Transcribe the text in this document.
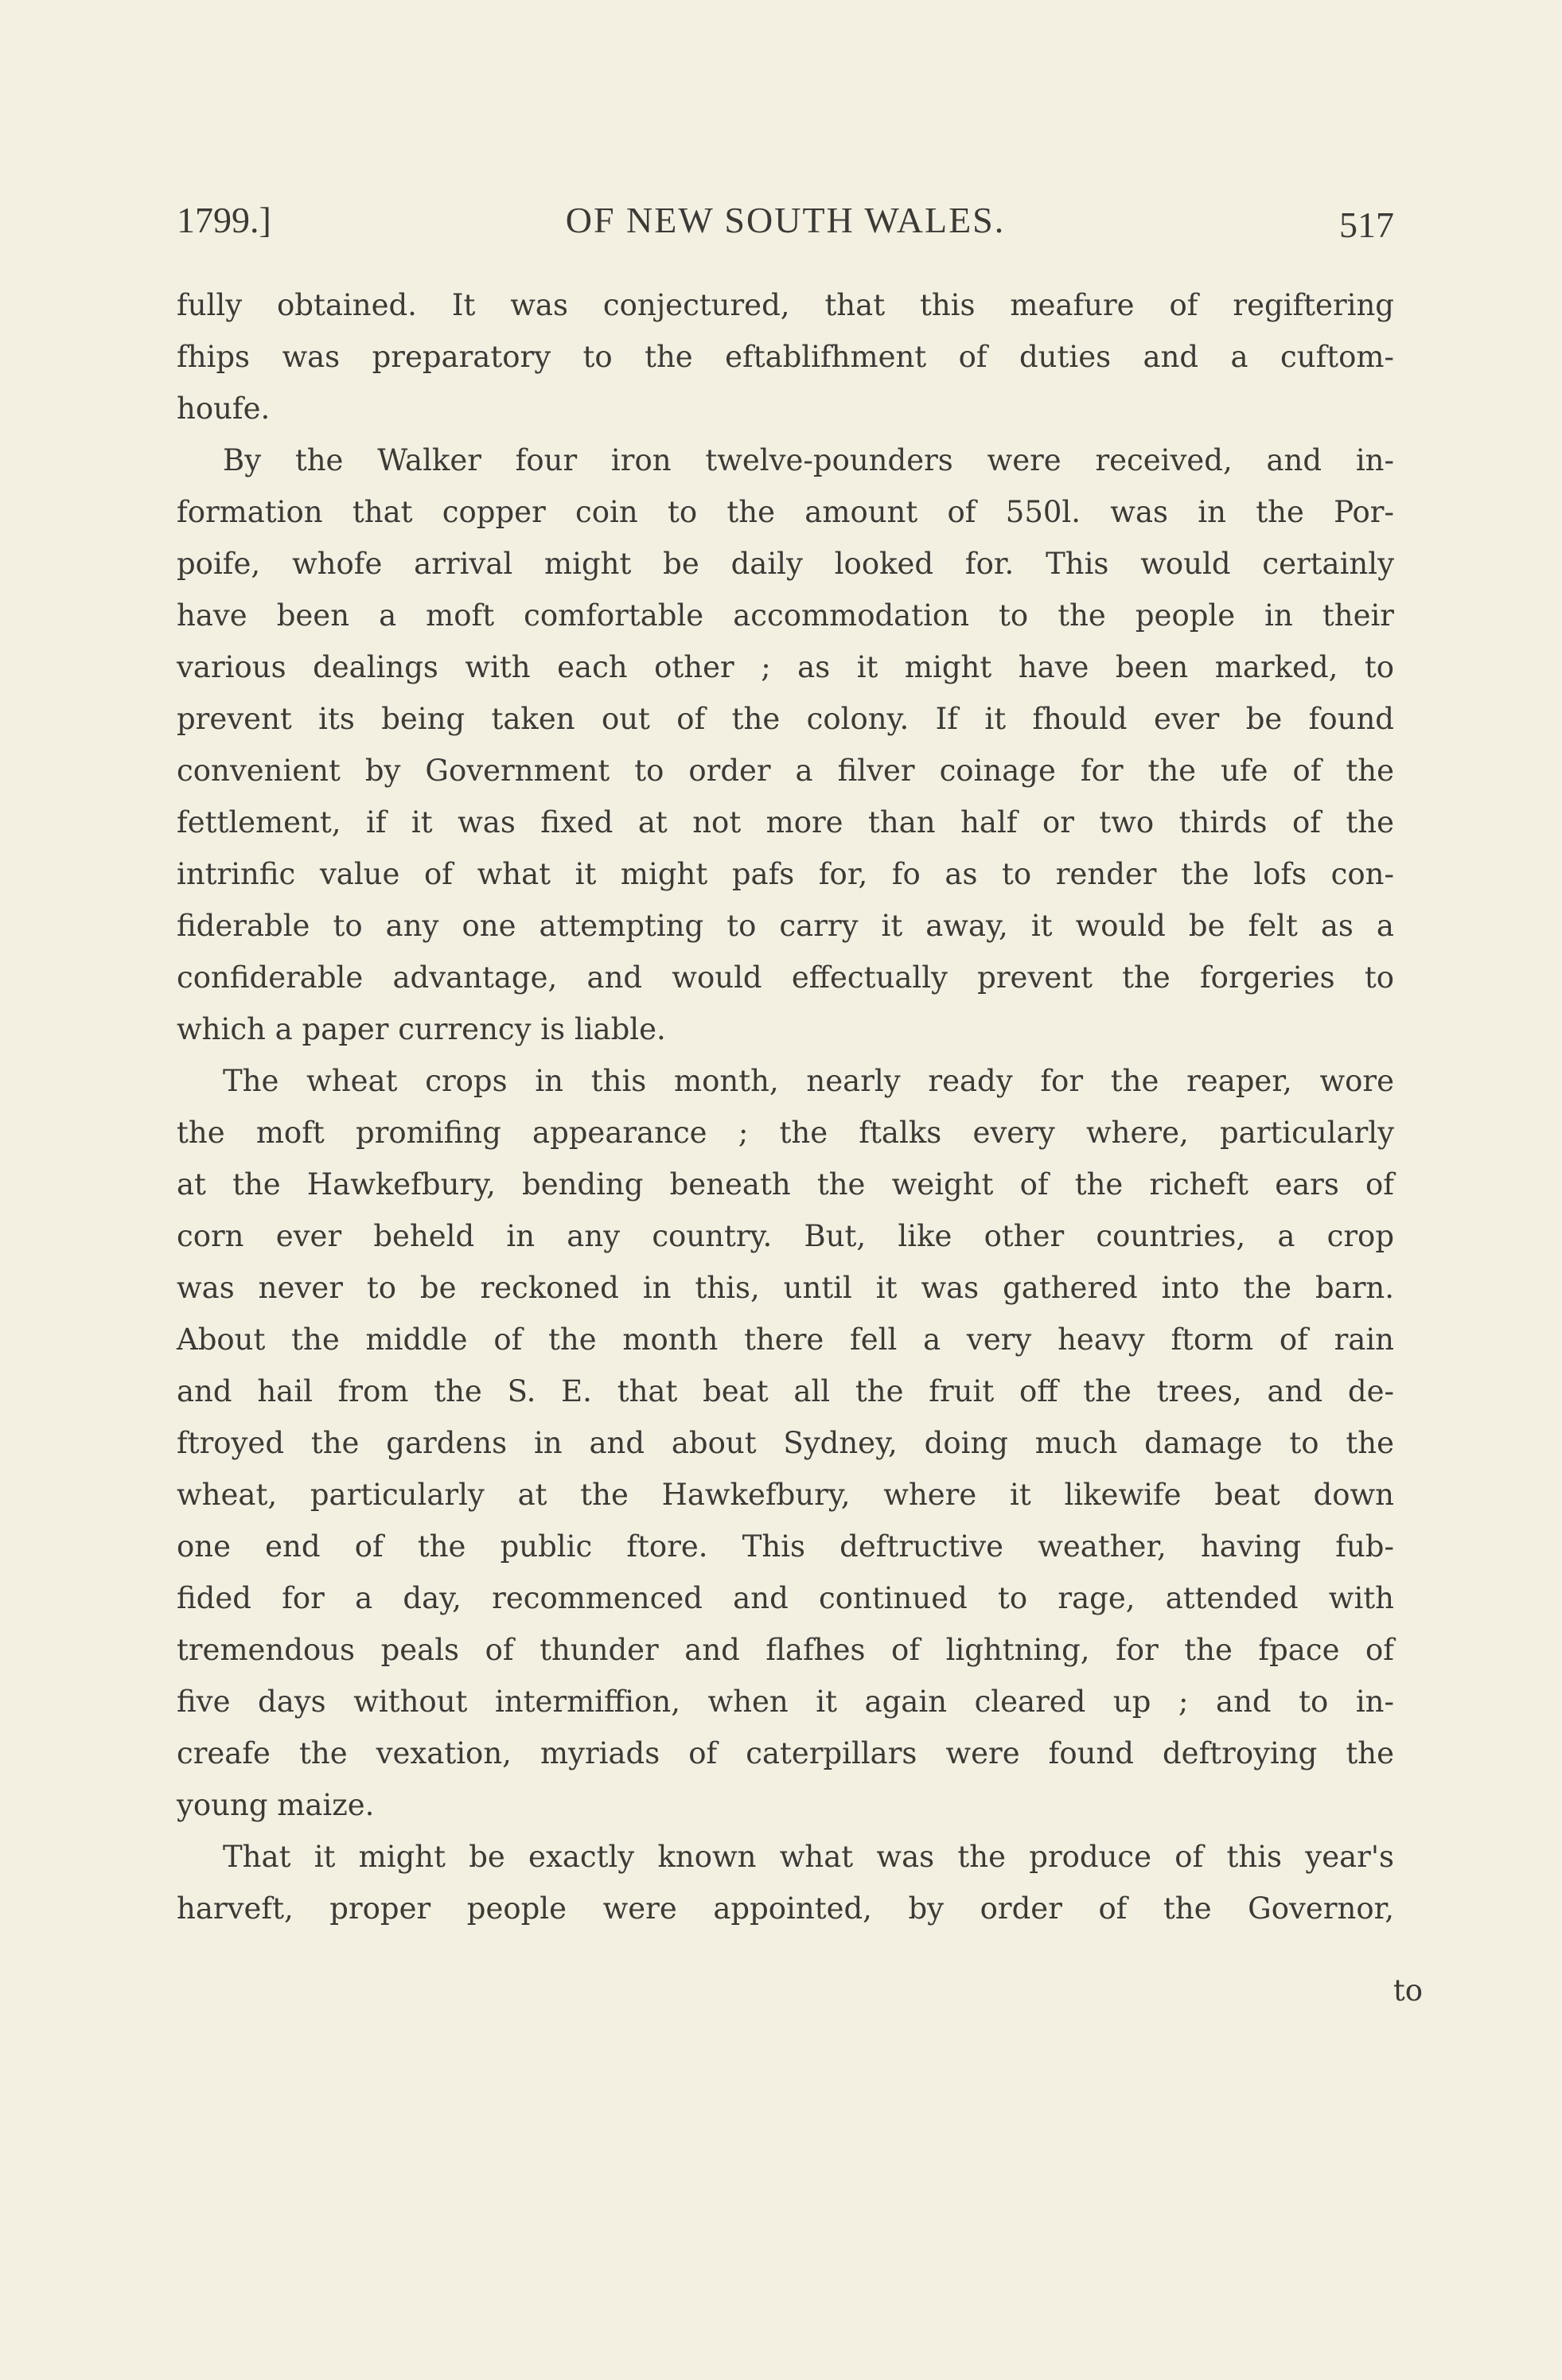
1799.]	OF NEW SOUTH WALES.	517
fully obtained. It was conjectured, that this meafure of regiftering
fhips was preparatory to the eftablifhment of duties and a cuftom-
houfe.
By the Walker four iron twelve-pounders were received, and in-
formation that copper coin to the amount of 550l. was in the Por-
poife, whofe arrival might be daily looked for. This would certainly
have been a moft comfortable accommodation to the people in their
various dealings with each other ; as it might have been marked, to
prevent its being taken out of the colony. If it fhould ever be found
convenient by Government to order a filver coinage for the ufe of the
fettlement, if it was fixed at not more than half or two thirds of the
intrinfic value of what it might pafs for, fo as to render the lofs con-
fiderable to any one attempting to carry it away, it would be felt as a
confiderable advantage, and would effectually prevent the forgeries to
which a paper currency is liable.
The wheat crops in this month, nearly ready for the reaper, wore
the moft promifing appearance ; the ftalks every where, particularly
at the Hawkefbury, bending beneath the weight of the richeft ears of
corn ever beheld in any country. But, like other countries, a crop
was never to be reckoned in this, until it was gathered into the barn.
About the middle of the month there fell a very heavy ftorm of rain
and hail from the S. E. that beat all the fruit off the trees, and de-
ftroyed the gardens in and about Sydney, doing much damage to the
wheat, particularly at the Hawkefbury, where it likewife beat down
one end of the public ftore. This deftructive weather, having fub-
fided for a day, recommenced and continued to rage, attended with
tremendous peals of thunder and flafhes of lightning, for the fpace of
five days without intermiffion, when it again cleared up ; and to in-
creafe the vexation, myriads of caterpillars were found deftroying the
young maize.
That it might be exactly known what was the produce of this year's
harveft, proper people were appointed, by order of the Governor,
to
